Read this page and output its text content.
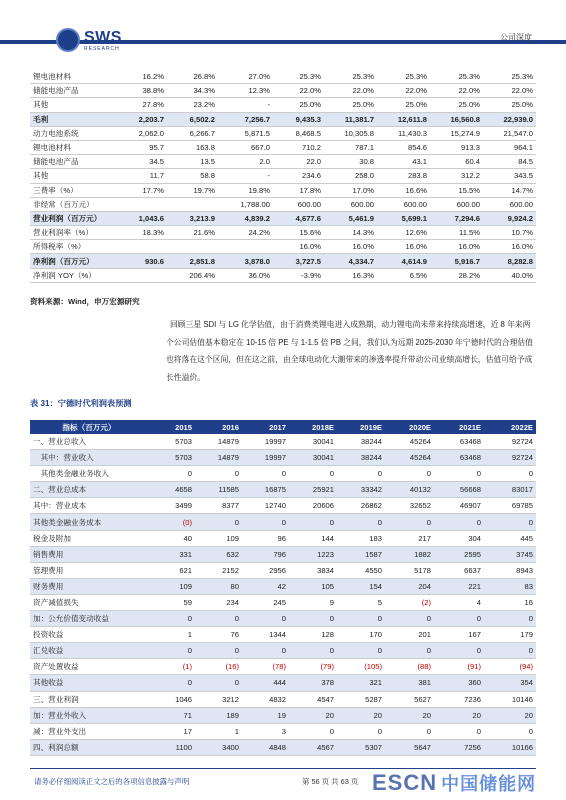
SWS
RESEARCH
公司深度
锂电池材料	16.2%	26.8%	27.0%	25.3%	25.3%	25.3%	25.3%	25.3%
储能电池产品	38.8%	34.3%	12.3%	22.0%	22.0%	22.0%	22.0%	22.0%
其他	27.8%	23.2%	-	25.0%	25.0%	25.0%	25.0%	25.0%
毛利	2,203.7	6,502.2	7,256.7	9,435.3	11,381.7	12,611.8	16,560.8	22,939.0
动力电池系统	2,062.0	6,266.7	5,871.5	8,468.5	10,305.8	11,430.3	15,274.9	21,547.0
锂电池材料	95.7	163.8	667.0	710.2	787.1	854.6	913.3	964.1
储能电池产品	34.5	13.5	2.0	22.0	30.8	43.1	60.4	84.5
其他	11.7	58.8	-	234.6	258.0	283.8	312.2	343.5
三费率（%）	17.7%	19.7%	19.8%	17.8%	17.0%	16.6%	15.5%	14.7%
非经常（百万元）			1,788.00	600.00	600.00	600.00	600.00	600.00
营业利润（百万元）	1,043.6	3,213.9	4,839.2	4,677.6	5,461.9	5,699.1	7,294.6	9,924.2
营业利润率（%）	18.3%	21.6%	24.2%	15.6%	14.3%	12.6%	11.5%	10.7%
所得税率（%）				16.0%	16.0%	16.0%	16.0%	16.0%
净利润（百万元）	930.6	2,851.8	3,878.0	3,727.5	4,334.7	4,614.9	5,916.7	8,282.8
净利润 YOY（%）		206.4%	36.0%	-3.9%	16.3%	6.5%	28.2%	40.0%
资料来源：Wind，申万宏源研究
回顾三星 SDI 与 LG 化学估值，由于消费类锂电进入成熟期，动力锂电尚未带来持续高增速，近 8 年来两个公司估值基本稳定在 10-15 倍 PE 与 1-1.5 倍 PB 之间，我们认为远期 2025-2030 年宁德时代的合理估值也将落在这个区间，但在这之前，由全球电动化大潮带来的渗透率提升带动公司业绩高增长，估值可给予成长性溢价。
表 31：宁德时代利润表预测
指标（百万元）	2015	2016	2017	2018E	2019E	2020E	2021E	2022E
一、营业总收入	5703	14879	19997	30041	38244	45264	63468	92724
　其中：营业收入	5703	14879	19997	30041	38244	45264	63468	92724
　其他类金融业务收入	0	0	0	0	0	0	0	0
二、营业总成本	4658	11585	16875	25921	33342	40132	56668	83017
其中：营业成本	3499	8377	12740	20606	26862	32652	46907	69785
其他类金融业务成本	(0)	0	0	0	0	0	0	0
税金及附加	40	109	96	144	183	217	304	445
销售费用	331	632	796	1223	1587	1882	2595	3745
管理费用	621	2152	2956	3834	4550	5178	6637	8943
财务费用	109	80	42	105	154	204	221	83
资产减值损失	59	234	245	9	5	(2)	4	16
加：公允价值变动收益	0	0	0	0	0	0	0	0
投资收益	1	76	1344	128	170	201	167	179
汇兑收益	0	0	0	0	0	0	0	0
资产处置收益	(1)	(16)	(78)	(79)	(105)	(88)	(91)	(94)
其他收益	0	0	444	378	321	381	360	354
三、营业利润	1046	3212	4832	4547	5287	5627	7236	10146
加：营业外收入	71	189	19	20	20	20	20	20
减：营业外支出	17	1	3	0	0	0	0	0
四、利润总额	1100	3400	4848	4567	5307	5647	7256	10166
请务必仔细阅读正文之后的各项信息披露与声明	第 56 页 共 63 页 ESCN 中国储能网
